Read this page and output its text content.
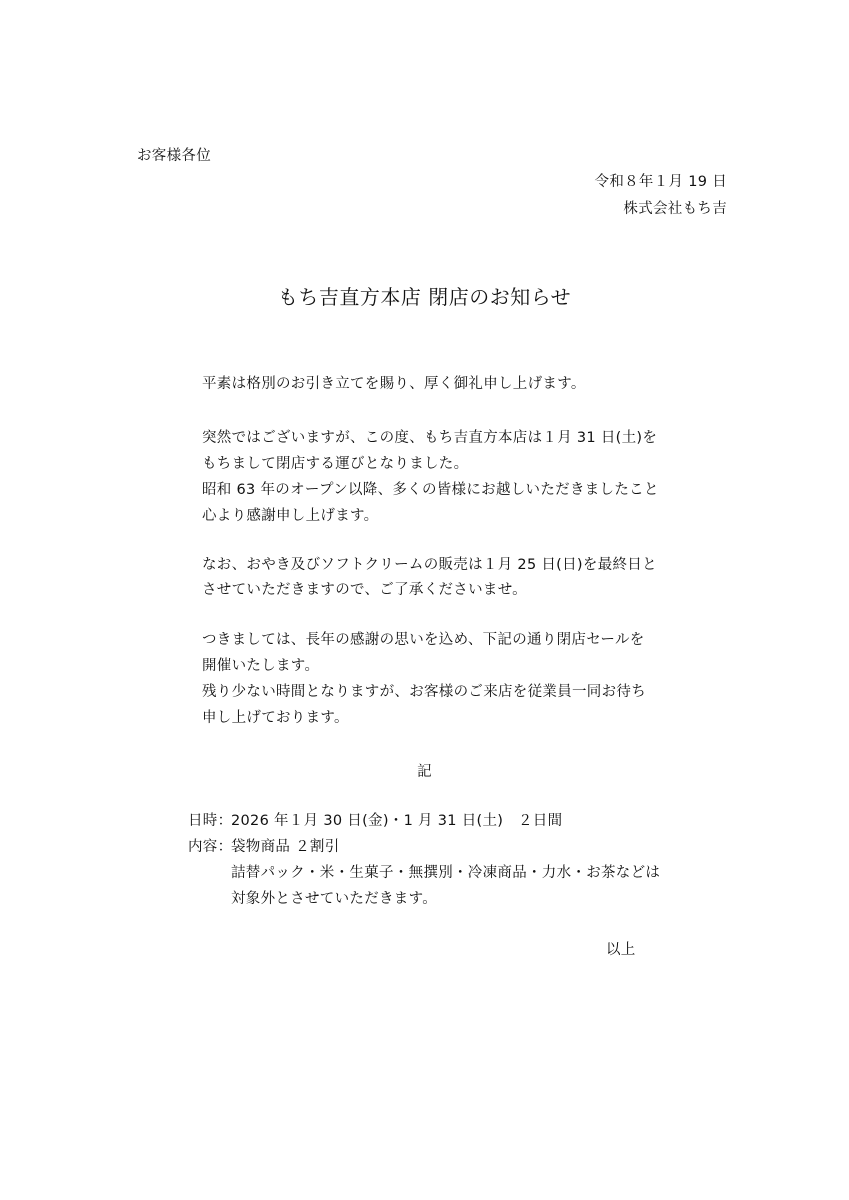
お客様各位
令和８年１月 19 日
株式会社もち吉
もち吉直方本店 閉店のお知らせ
平素は格別のお引き立てを賜り、厚く御礼申し上げます。
突然ではございますが、この度、もち吉直方本店は１月 31 日(土)を
もちまして閉店する運びとなりました。
昭和 63 年のオープン以降、多くの皆様にお越しいただきましたこと
心より感謝申し上げます。
なお、おやき及びソフトクリームの販売は１月 25 日(日)を最終日と
させていただきますので、ご了承くださいませ。
つきましては、長年の感謝の思いを込め、下記の通り閉店セールを
開催いたします。
残り少ない時間となりますが、お客様のご来店を従業員一同お待ち
申し上げております。
記
日時：
2026 年１月 30 日(金)・1 月 31 日(土)　２日間
内容：
袋物商品 ２割引
詰替パック・米・生菓子・無撰別・冷凍商品・力水・お茶などは
対象外とさせていただきます。
以上
